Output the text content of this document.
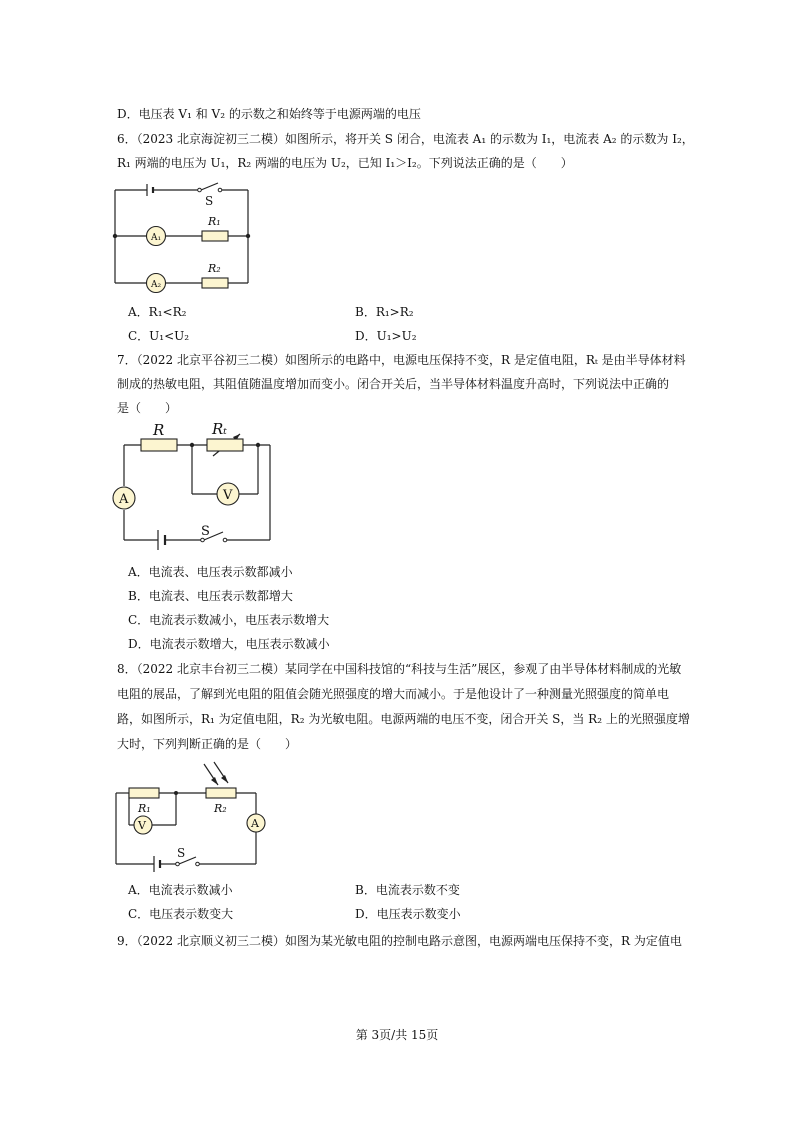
D．电压表 V₁ 和 V₂ 的示数之和始终等于电源两端的电压
6．（2023 北京海淀初三二模）如图所示，将开关 S 闭合，电流表 A₁ 的示数为 I₁，电流表 A₂ 的示数为 I₂，
R₁ 两端的电压为 U₁，R₂ 两端的电压为 U₂，已知 I₁＞I₂。下列说法正确的是（　　）
S
A₁
A₂
R₁
R₂
A．R₁<R₂	B．R₁>R₂
C．U₁<U₂	D．U₁>U₂
7．（2022 北京平谷初三二模）如图所示的电路中，电源电压保持不变，R 是定值电阻，Rₜ 是由半导体材料
制成的热敏电阻，其阻值随温度增加而变小。闭合开关后，当半导体材料温度升高时，下列说法中正确的
是（　　）
R	Rₜ
A	V
S
A．电流表、电压表示数都减小
B．电流表、电压表示数都增大
C．电流表示数减小，电压表示数增大
D．电流表示数增大，电压表示数减小
8．（2022 北京丰台初三二模）某同学在中国科技馆的“科技与生活”展区，参观了由半导体材料制成的光敏
电阻的展品，了解到光电阻的阻值会随光照强度的增大而减小。于是他设计了一种测量光照强度的简单电
路，如图所示，R₁ 为定值电阻，R₂ 为光敏电阻。电源两端的电压不变，闭合开关 S，当 R₂ 上的光照强度增
大时，下列判断正确的是（　　）
R₁	R₂
V	A
S
A．电流表示数减小	B．电流表示数不变
C．电压表示数变大	D．电压表示数变小
9．（2022 北京顺义初三二模）如图为某光敏电阻的控制电路示意图，电源两端电压保持不变，R 为定值电
第 3页/共 15页
